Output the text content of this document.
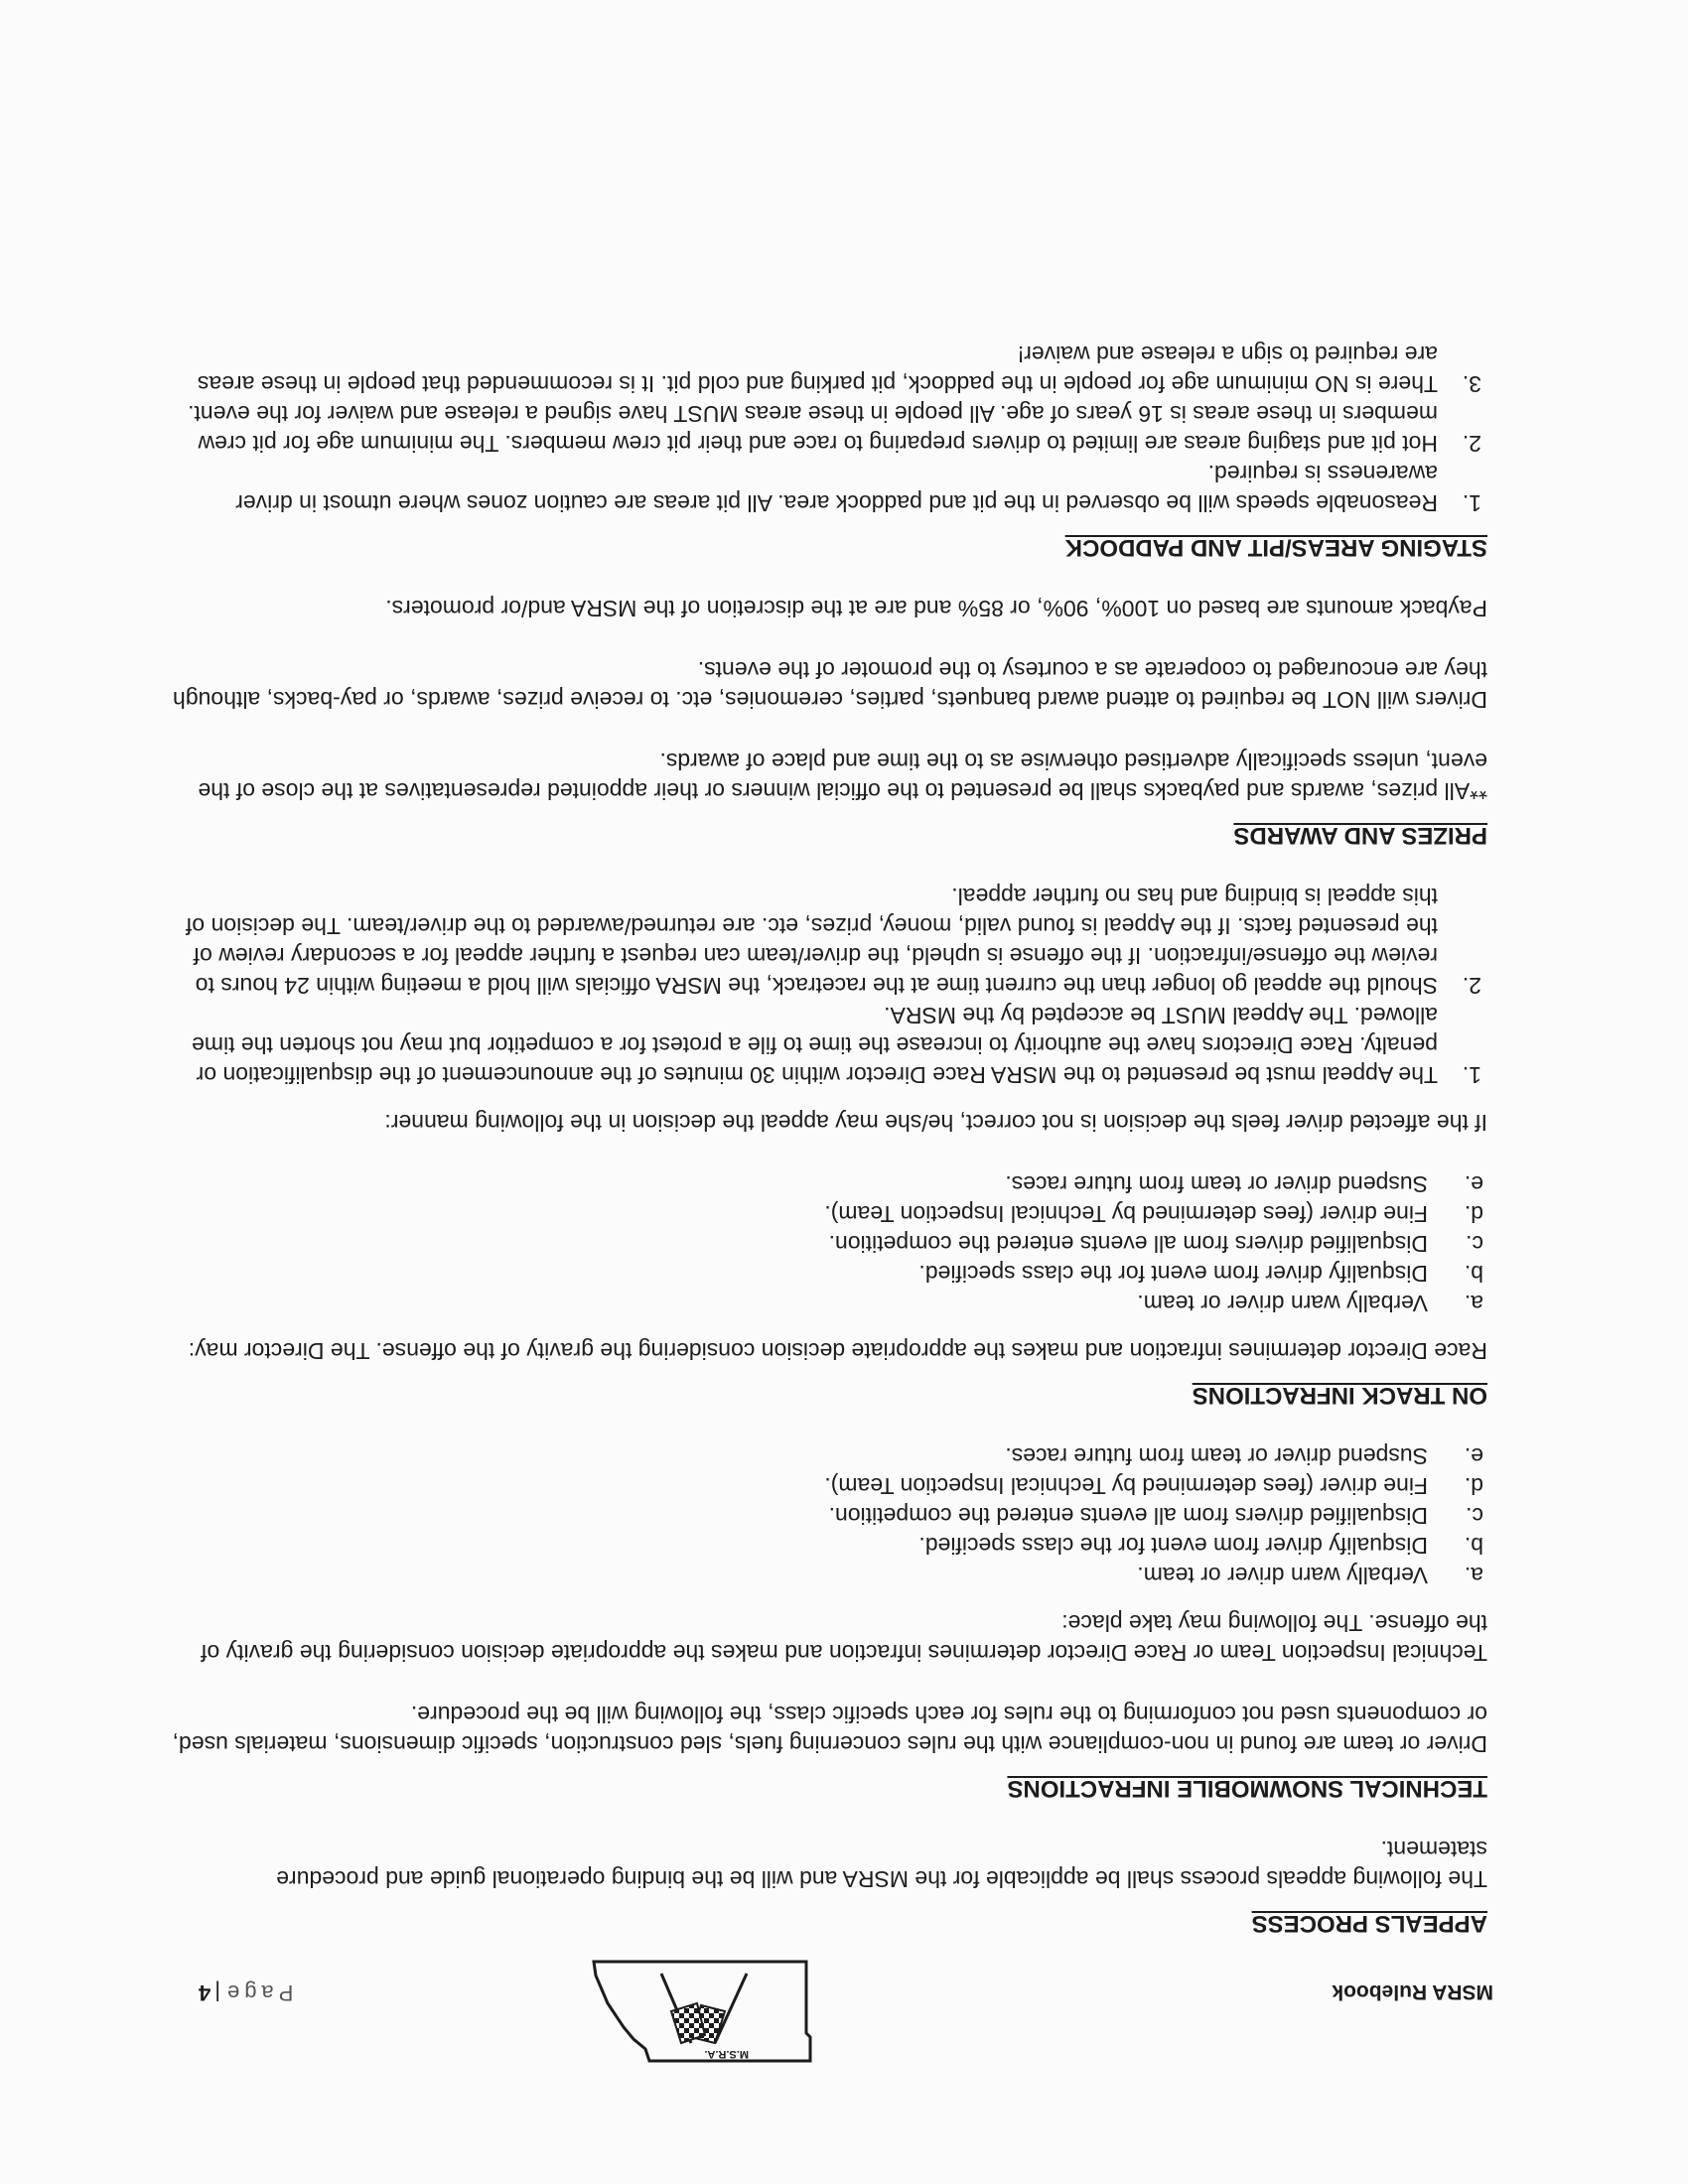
MSRA Rulebook
M.S.R.A.
Page|4
APPEALS PROCESS

The following appeals process shall be applicable for the MSRA and will be the binding operational guide and procedure statement.

TECHNICAL SNOWMOBILE INFRACTIONS

Driver or team are found in non-compliance with the rules concerning fuels, sled construction, specific dimensions, materials used, or components used not conforming to the rules for each specific class, the following will be the procedure.

Technical Inspection Team or Race Director determines infraction and makes the appropriate decision considering the gravity of the offense. The following may take place:

a.
Verbally warn driver or team.
b.
Disqualify driver from event for the class specified.
c.
Disqualified drivers from all events entered the competition.
d.
Fine driver (fees determined by Technical Inspection Team).
e.
Suspend driver or team from future races.
ON TRACK INFRACTIONS

Race Director determines infraction and makes the appropriate decision considering the gravity of the offense. The Director may:

a.
Verbally warn driver or team.
b.
Disqualify driver from event for the class specified.
c.
Disqualified drivers from all events entered the competition.
d.
Fine driver (fees determined by Technical Inspection Team).
e.
Suspend driver or team from future races.

If the affected driver feels the decision is not correct, he/she may appeal the decision in the following manner:

1.
The Appeal must be presented to the MSRA Race Director within 30 minutes of the announcement of the disqualification or penalty. Race Directors have the authority to increase the time to file a protest for a competitor but may not shorten the time allowed. The Appeal MUST be accepted by the MSRA.
2.
Should the appeal go longer than the current time at the racetrack, the MSRA officials will hold a meeting within 24 hours to review the offense/infraction. If the offense is upheld, the driver/team can request a further appeal for a secondary review of the presented facts. If the Appeal is found valid, money, prizes, etc. are returned/awarded to the driver/team. The decision of this appeal is binding and has no further appeal.
PRIZES AND AWARDS

**All prizes, awards and paybacks shall be presented to the official winners or their appointed representatives at the close of the event, unless specifically advertised otherwise as to the time and place of awards.

Drivers will NOT be required to attend award banquets, parties, ceremonies, etc. to receive prizes, awards, or pay-backs, although they are encouraged to cooperate as a courtesy to the promoter of the events.

Payback amounts are based on 100%, 90%, or 85% and are at the discretion of the MSRA and/or promoters.

STAGING AREAS/PIT AND PADDOCK
1.
Reasonable speeds will be observed in the pit and paddock area. All pit areas are caution zones where utmost in driver awareness is required.
2.
Hot pit and staging areas are limited to drivers preparing to race and their pit crew members. The minimum age for pit crew members in these areas is 16 years of age. All people in these areas MUST have signed a release and waiver for the event.
3.
There is NO minimum age for people in the paddock, pit parking and cold pit. It is recommended that people in these areas are required to sign a release and waiver!
